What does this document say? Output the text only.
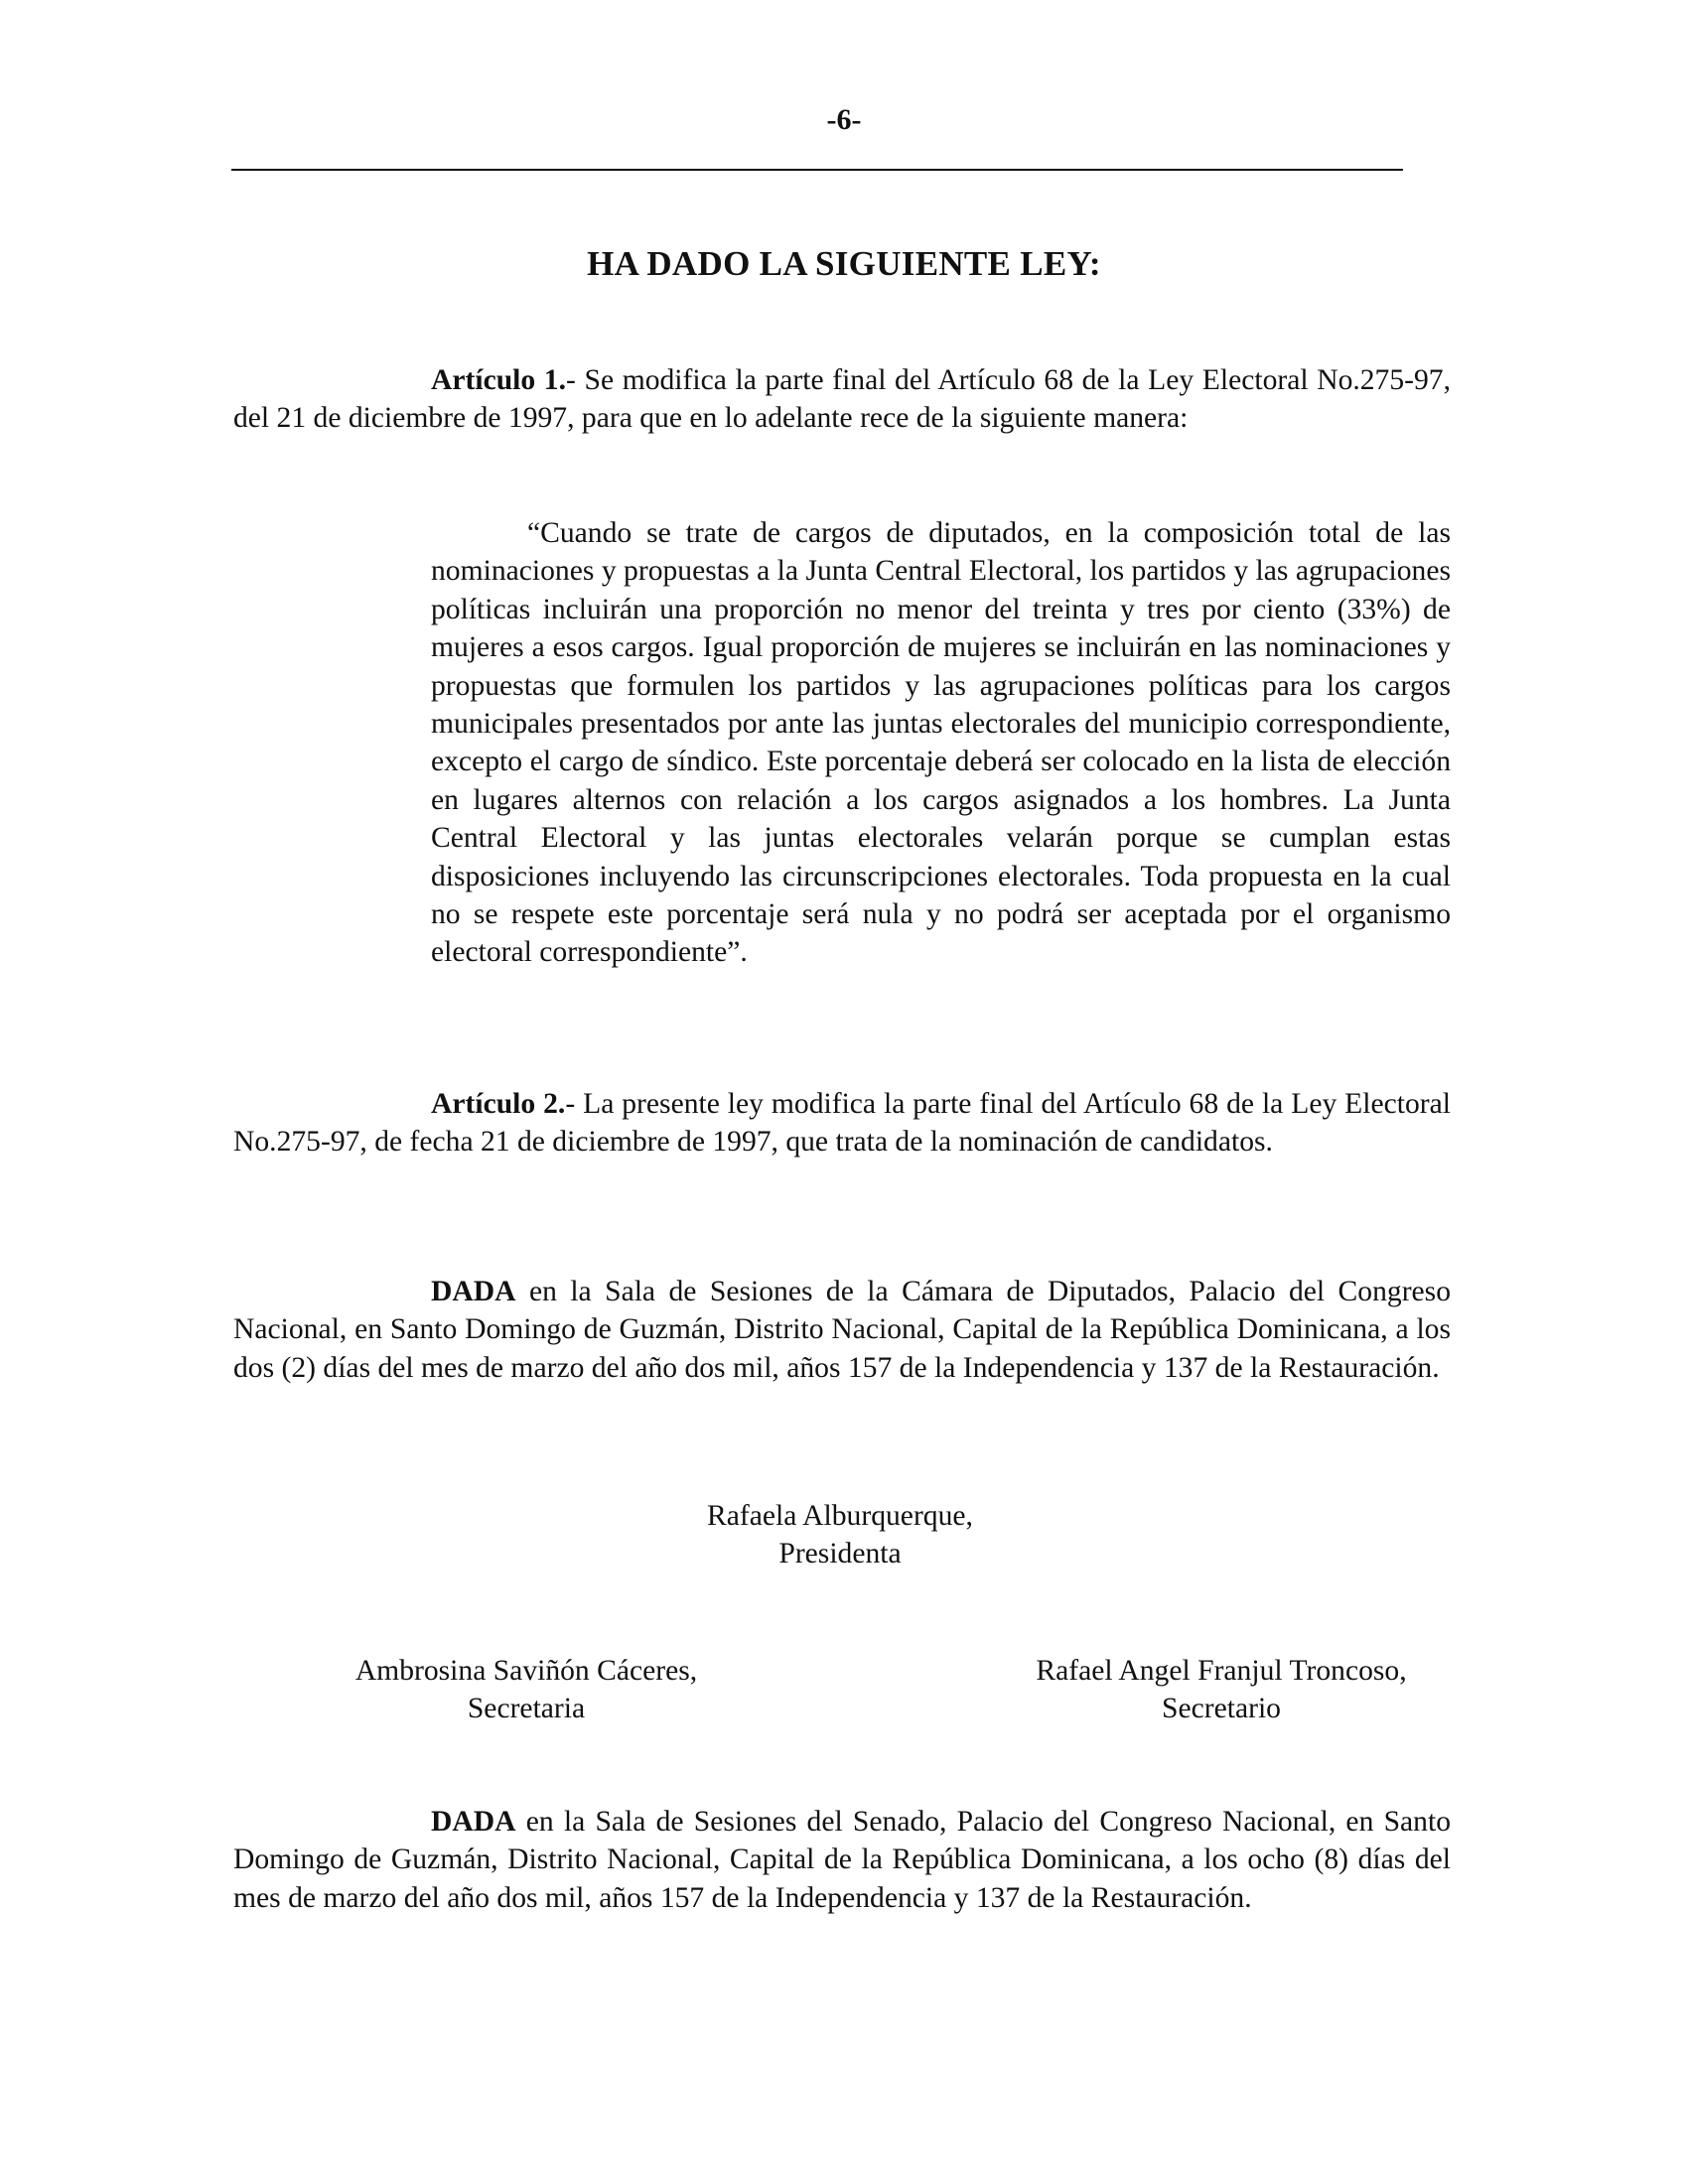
-6-
HA DADO LA SIGUIENTE LEY:

Artículo 1.- Se modifica la parte final del Artículo 68 de la Ley Electoral No.275-97, del 21 de diciembre de 1997, para que en lo adelante rece de la siguiente manera:

“Cuando se trate de cargos de diputados, en la composición total de las nominaciones y propuestas a la Junta Central Electoral, los partidos y las agrupaciones políticas incluirán una proporción no menor del treinta y tres por ciento (33%) de mujeres a esos cargos. Igual proporción de mujeres se incluirán en las nominaciones y propuestas que formulen los partidos y las agrupaciones políticas para los cargos municipales presentados por ante las juntas electorales del municipio correspondiente, excepto el cargo de síndico. Este porcentaje deberá ser colocado en la lista de elección en lugares alternos con relación a los cargos asignados a los hombres. La Junta Central Electoral y las juntas electorales velarán porque se cumplan estas disposiciones incluyendo las circunscripciones electorales. Toda propuesta en la cual no se respete este porcentaje será nula y no podrá ser aceptada por el organismo electoral correspondiente”.

Artículo 2.- La presente ley modifica la parte final del Artículo 68 de la Ley Electoral No.275-97, de fecha 21 de diciembre de 1997, que trata de la nominación de candidatos.

DADA en la Sala de Sesiones de la Cámara de Diputados, Palacio del Congreso Nacional, en Santo Domingo de Guzmán, Distrito Nacional, Capital de la República Dominicana, a los dos (2) días del mes de marzo del año dos mil, años 157 de la Independencia y 137 de la Restauración.

Rafaela Alburquerque,
Presidenta
Ambrosina Saviñón Cáceres,
Secretaria
Rafael Angel Franjul Troncoso,
Secretario

DADA en la Sala de Sesiones del Senado, Palacio del Congreso Nacional, en Santo Domingo de Guzmán, Distrito Nacional, Capital de la República Dominicana, a los ocho (8) días del mes de marzo del año dos mil, años 157 de la Independencia y 137 de la Restauración.
